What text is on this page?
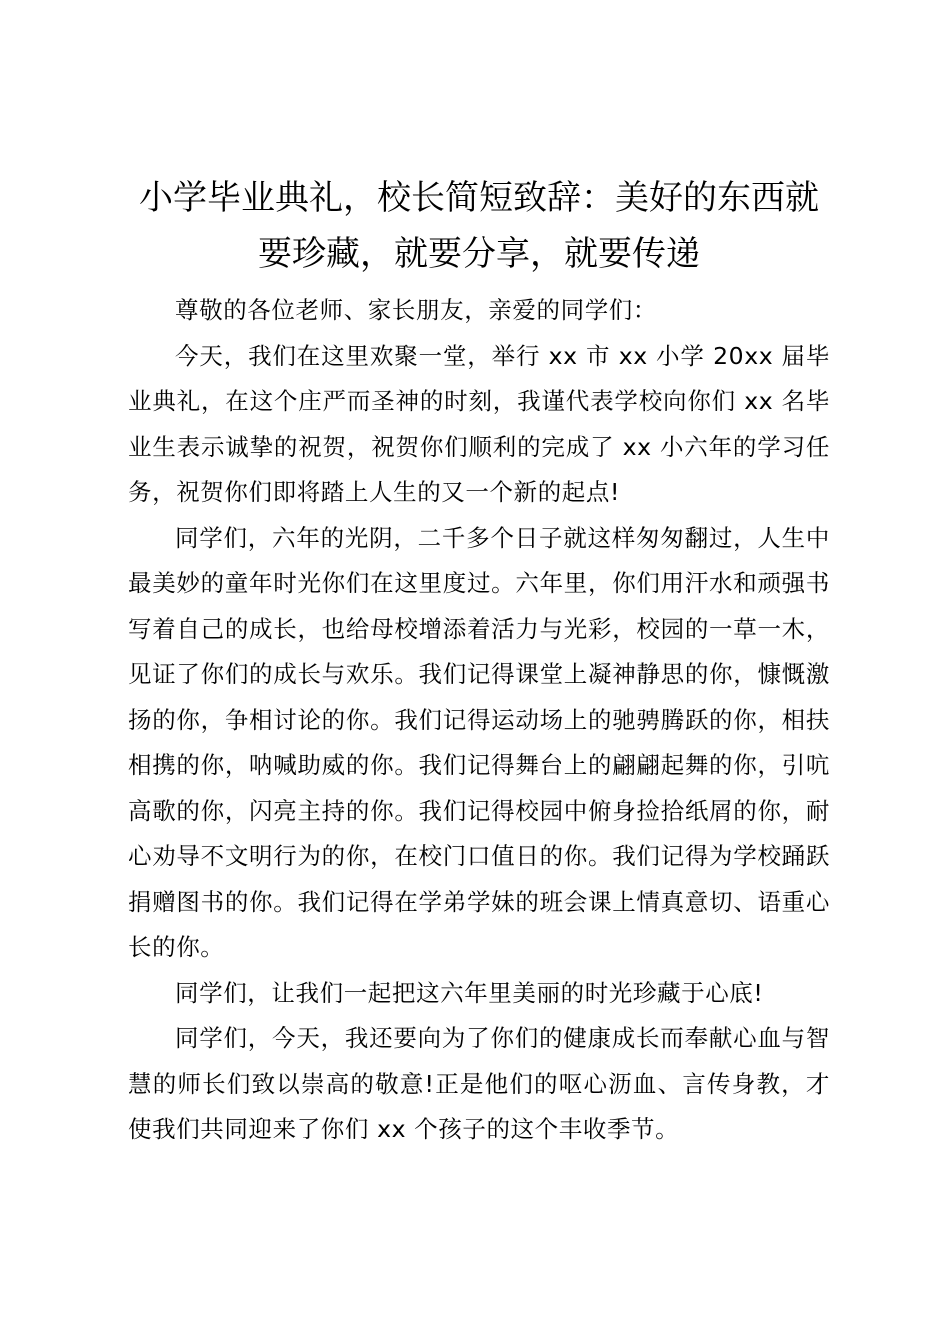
小学毕业典礼，校长简短致辞：美好的东西就要珍藏，就要分享，就要传递

尊敬的各位老师、家长朋友，亲爱的同学们：

今天，我们在这里欢聚一堂，举行 xx 市 xx 小学 20xx 届毕业典礼，在这个庄严而圣神的时刻，我谨代表学校向你们 xx 名毕业生表示诚挚的祝贺，祝贺你们顺利的完成了 xx 小六年的学习任务，祝贺你们即将踏上人生的又一个新的起点!

同学们，六年的光阴，二千多个日子就这样匆匆翻过，人生中最美妙的童年时光你们在这里度过。六年里，你们用汗水和顽强书写着自己的成长，也给母校增添着活力与光彩，校园的一草一木，见证了你们的成长与欢乐。我们记得课堂上凝神静思的你，慷慨激扬的你，争相讨论的你。我们记得运动场上的驰骋腾跃的你，相扶相携的你，呐喊助威的你。我们记得舞台上的翩翩起舞的你，引吭高歌的你，闪亮主持的你。我们记得校园中俯身捡拾纸屑的你，耐心劝导不文明行为的你，在校门口值日的你。我们记得为学校踊跃捐赠图书的你。我们记得在学弟学妹的班会课上情真意切、语重心长的你。

同学们，让我们一起把这六年里美丽的时光珍藏于心底!

同学们，今天，我还要向为了你们的健康成长而奉献心血与智慧的师长们致以崇高的敬意!正是他们的呕心沥血、言传身教，才使我们共同迎来了你们 xx 个孩子的这个丰收季节。
